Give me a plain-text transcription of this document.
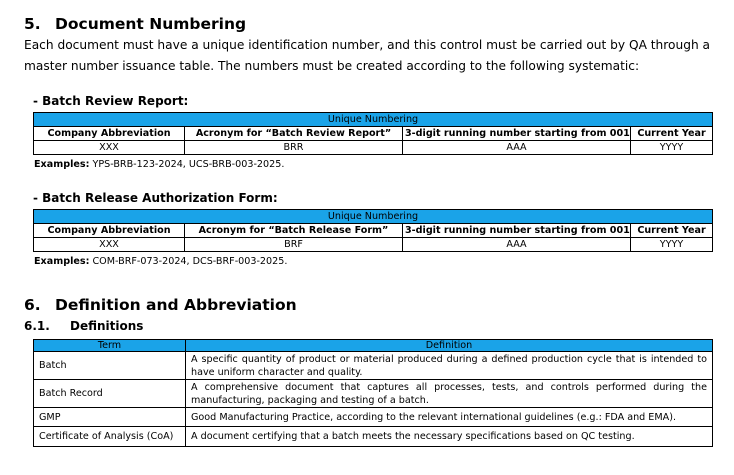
5. Document Numbering
Each document must have a unique identification number, and this control must be carried out by QA through a master number issuance table. The numbers must be created according to the following systematic:
- Batch Review Report:
Unique Numbering			
Company Abbreviation	Acronym for “Batch Review Report”	3-digit running number starting from 001	Current Year
XXX	BRR	AAA	YYYY
Examples: YPS-BRB-123-2024, UCS-BRB-003-2025.
- Batch Release Authorization Form:
Unique Numbering			
Company Abbreviation	Acronym for “Batch Release Form”	3-digit running number starting from 001	Current Year
XXX	BRF	AAA	YYYY
Examples: COM-BRF-073-2024, DCS-BRF-003-2025.
6. Definition and Abbreviation
6.1. Definitions
Term	Definition
Batch	A specific quantity of product or material produced during a defined production cycle that is intended to have uniform character and quality.
Batch Record	A comprehensive document that captures all processes, tests, and controls performed during the manufacturing, packaging and testing of a batch.
GMP	Good Manufacturing Practice, according to the relevant international guidelines (e.g.: FDA and EMA).
Certificate of Analysis (CoA)	A document certifying that a batch meets the necessary specifications based on QC testing.
